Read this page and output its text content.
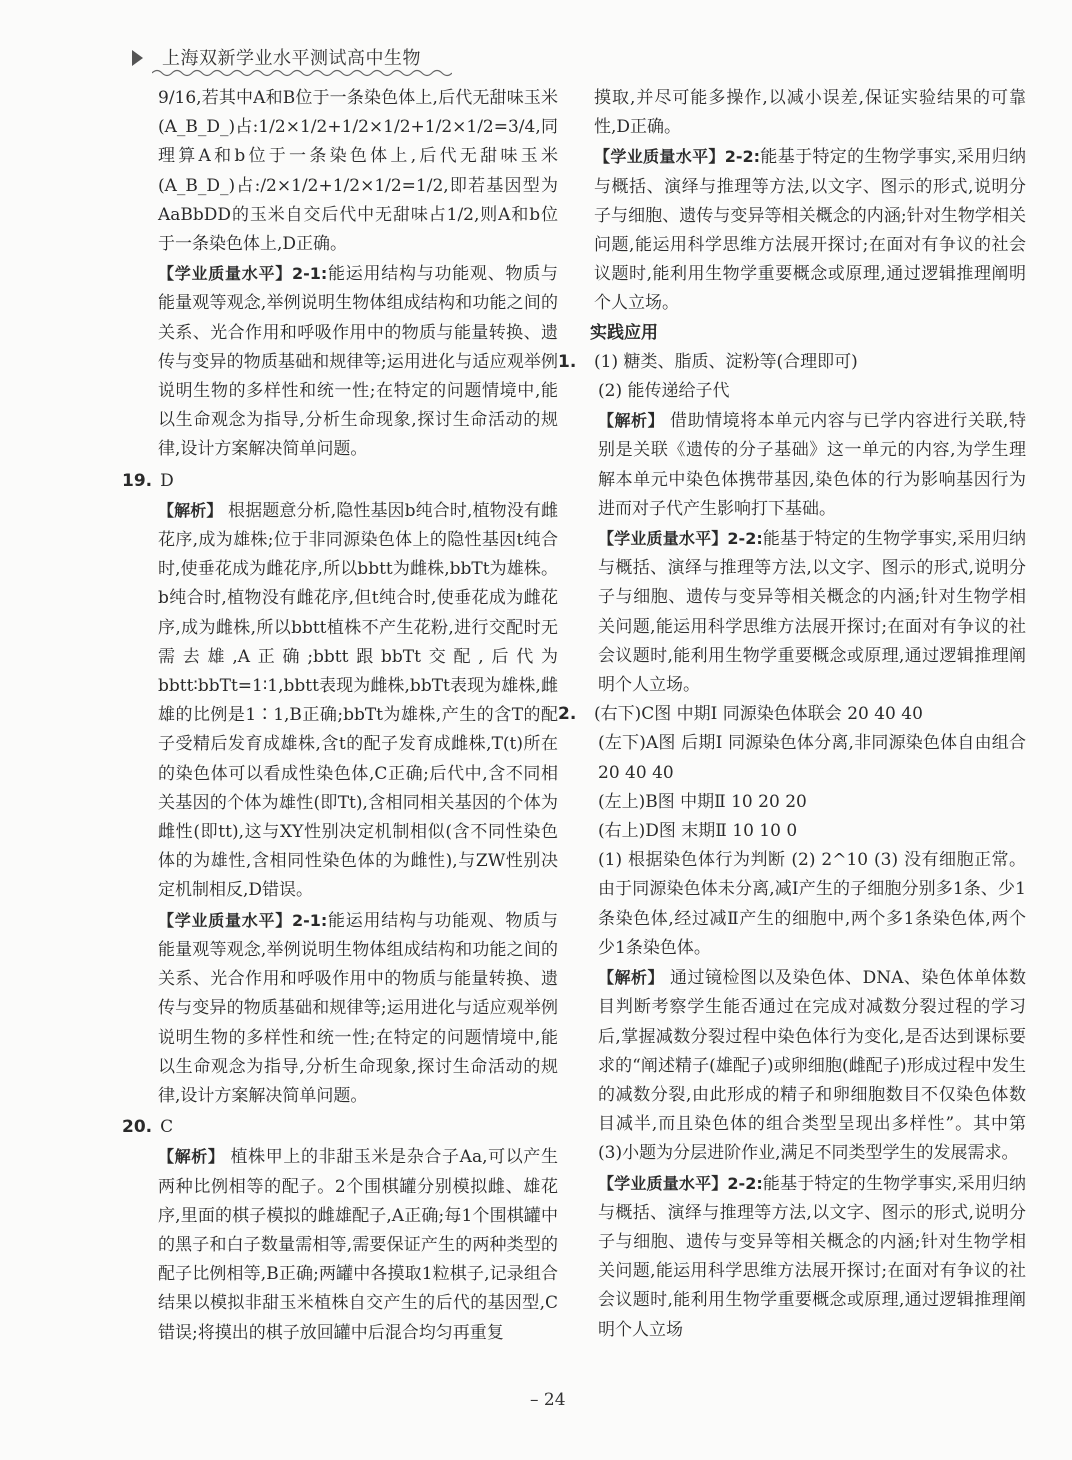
上海双新学业水平测试高中生物

9/16,若其中A和B位于一条染色体上,后代无甜味玉米(A_B_D_)占:1/2×1/2+1/2×1/2+1/2×1/2=3/4,同理算A和b位于一条染色体上,后代无甜味玉米(A_B_D_)占:/2×1/2+1/2×1/2=1/2,即若基因型为AaBbDD的玉米自交后代中无甜味占1/2,则A和b位于一条染色体上,D正确。

【学业质量水平】2-1:能运用结构与功能观、物质与能量观等观念,举例说明生物体组成结构和功能之间的关系、光合作用和呼吸作用中的物质与能量转换、遗传与变异的物质基础和规律等;运用进化与适应观举例说明生物的多样性和统一性;在特定的问题情境中,能以生命观念为指导,分析生命现象,探讨生命活动的规律,设计方案解决简单问题。

19. D

【解析】 根据题意分析,隐性基因b纯合时,植物没有雌花序,成为雄株;位于非同源染色体上的隐性基因t纯合时,使垂花成为雌花序,所以bbtt为雌株,bbTt为雄株。b纯合时,植物没有雌花序,但t纯合时,使垂花成为雌花序,成为雌株,所以bbtt植株不产生花粉,进行交配时无需去雄,A正确;bbtt跟bbTt交配,后代为bbtt∶bbTt=1∶1,bbtt表现为雌株,bbTt表现为雄株,雌雄的比例是1∶1,B正确;bbTt为雄株,产生的含T的配子受精后发育成雄株,含t的配子发育成雌株,T(t)所在的染色体可以看成性染色体,C正确;后代中,含不同相关基因的个体为雄性(即Tt),含相同相关基因的个体为雌性(即tt),这与XY性别决定机制相似(含不同性染色体的为雄性,含相同性染色体的为雌性),与ZW性别决定机制相反,D错误。

【学业质量水平】2-1:能运用结构与功能观、物质与能量观等观念,举例说明生物体组成结构和功能之间的关系、光合作用和呼吸作用中的物质与能量转换、遗传与变异的物质基础和规律等;运用进化与适应观举例说明生物的多样性和统一性;在特定的问题情境中,能以生命观念为指导,分析生命现象,探讨生命活动的规律,设计方案解决简单问题。

20. C

【解析】 植株甲上的非甜玉米是杂合子Aa,可以产生两种比例相等的配子。2个围棋罐分别模拟雌、雄花序,里面的棋子模拟的雌雄配子,A正确;每1个围棋罐中的黑子和白子数量需相等,需要保证产生的两种类型的配子比例相等,B正确;两罐中各摸取1粒棋子,记录组合结果以模拟非甜玉米植株自交产生的后代的基因型,C错误;将摸出的棋子放回罐中后混合均匀再重复

摸取,并尽可能多操作,以减小误差,保证实验结果的可靠性,D正确。

【学业质量水平】2-2:能基于特定的生物学事实,采用归纳与概括、演绎与推理等方法,以文字、图示的形式,说明分子与细胞、遗传与变异等相关概念的内涵;针对生物学相关问题,能运用科学思维方法展开探讨;在面对有争议的社会议题时,能利用生物学重要概念或原理,通过逻辑推理阐明个人立场。

实践应用

1. (1) 糖类、脂质、淀粉等(合理即可)

(2) 能传递给子代

【解析】 借助情境将本单元内容与已学内容进行关联,特别是关联《遗传的分子基础》这一单元的内容,为学生理解本单元中染色体携带基因,染色体的行为影响基因行为进而对子代产生影响打下基础。

【学业质量水平】2-2:能基于特定的生物学事实,采用归纳与概括、演绎与推理等方法,以文字、图示的形式,说明分子与细胞、遗传与变异等相关概念的内涵;针对生物学相关问题,能运用科学思维方法展开探讨;在面对有争议的社会议题时,能利用生物学重要概念或原理,通过逻辑推理阐明个人立场。

2. (右下)C图 中期Ⅰ 同源染色体联会 20 40 40

(左下)A图 后期Ⅰ 同源染色体分离,非同源染色体自由组合 20 40 40

(左上)B图 中期Ⅱ 10 20 20

(右上)D图 末期Ⅱ 10 10 0

(1) 根据染色体行为判断 (2) 2^10 (3) 没有细胞正常。由于同源染色体未分离,减Ⅰ产生的子细胞分别多1条、少1条染色体,经过减Ⅱ产生的细胞中,两个多1条染色体,两个少1条染色体。

【解析】 通过镜检图以及染色体、DNA、染色体单体数目判断考察学生能否通过在完成对减数分裂过程的学习后,掌握减数分裂过程中染色体行为变化,是否达到课标要求的“阐述精子(雄配子)或卵细胞(雌配子)形成过程中发生的减数分裂,由此形成的精子和卵细胞数目不仅染色体数目减半,而且染色体的组合类型呈现出多样性”。其中第(3)小题为分层进阶作业,满足不同类型学生的发展需求。

【学业质量水平】2-2:能基于特定的生物学事实,采用归纳与概括、演绎与推理等方法,以文字、图示的形式,说明分子与细胞、遗传与变异等相关概念的内涵;针对生物学相关问题,能运用科学思维方法展开探讨;在面对有争议的社会议题时,能利用生物学重要概念或原理,通过逻辑推理阐明个人立场

– 24
